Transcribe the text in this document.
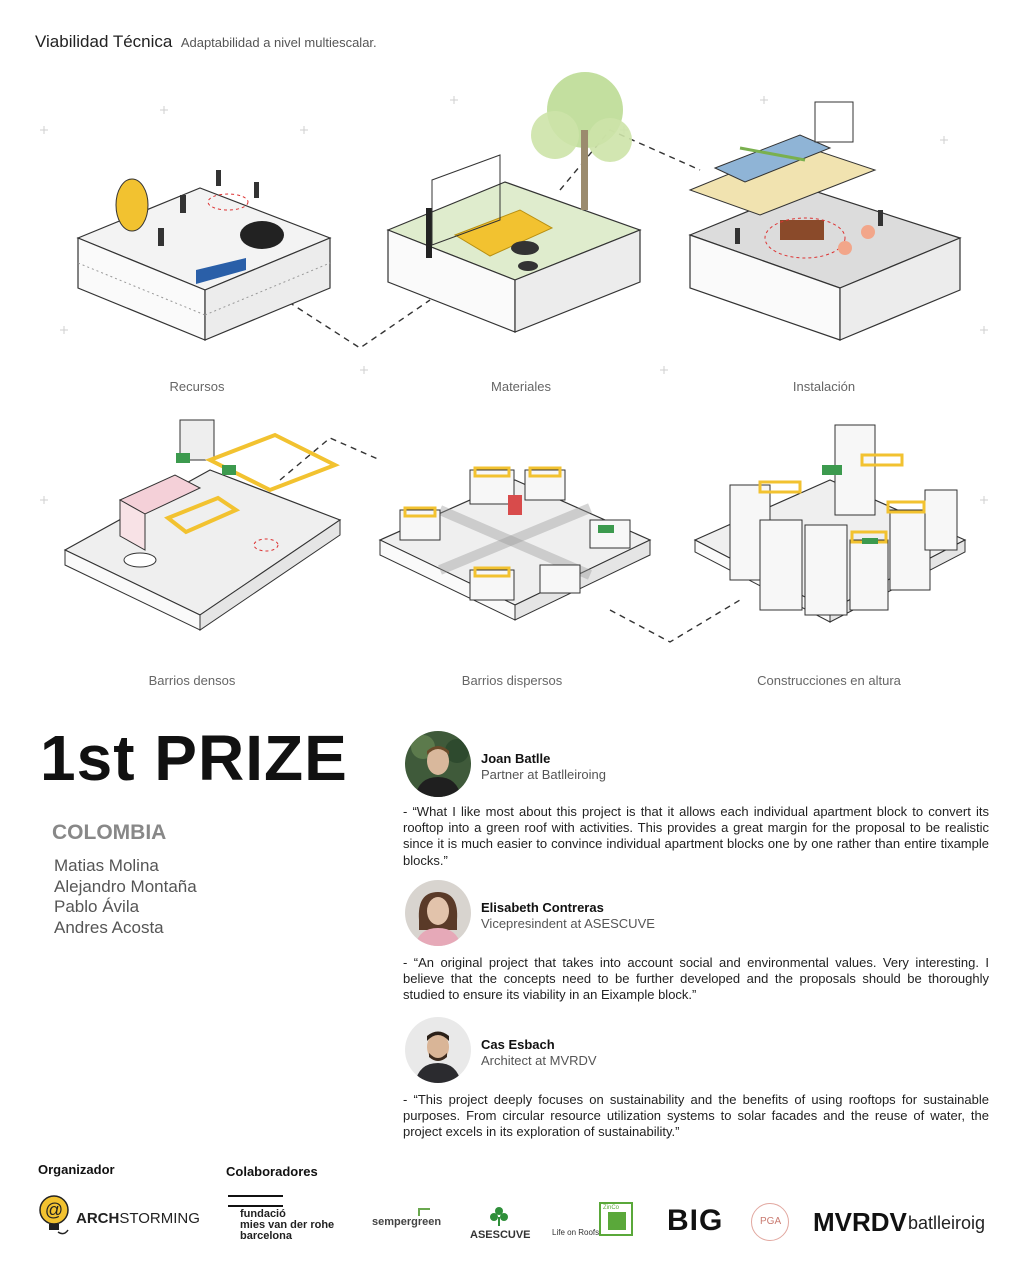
Viabilidad Técnica Adaptabilidad a nivel multiescalar.
Recursos	Materiales	Instalación
Barrios densos	Barrios dispersos	Construcciones en altura
1st PRIZE
COLOMBIA
Matias Molina
Alejandro Montaña
Pablo Ávila
Andres Acosta
Joan Batlle
Partner at Batlleiroing
- “What I like most about this project is that it allows each individual apartment block to convert its rooftop into a green roof with activities. This provides a great margin for the proposal to be realistic since it is much easier to convince individual apartment blocks one by one rather than entire tixample blocks.”
Elisabeth Contreras
Vicepresindent at ASESCUVE
- “An original project that takes into account social and environmental values. Very interesting. I believe that the concepts need to be further developed and the proposals should be thoroughly studied to ensure its viability in an Eixample block.”
Cas Esbach
Architect at MVRDV
- “This project deeply focuses on sustainability and the benefits of using rooftops for sustainable purposes. From circular resource utilization systems to solar facades and the reuse of water, the project excels in its exploration of sustainability.”
Organizador	Colaboradores
@ ARCHSTORMING	fundació
mies van der rohe
barcelona
sempergreen
ASESCUVE	Life on Roofs
ZinCo BIG	PGA MVRDV batlleiroig
